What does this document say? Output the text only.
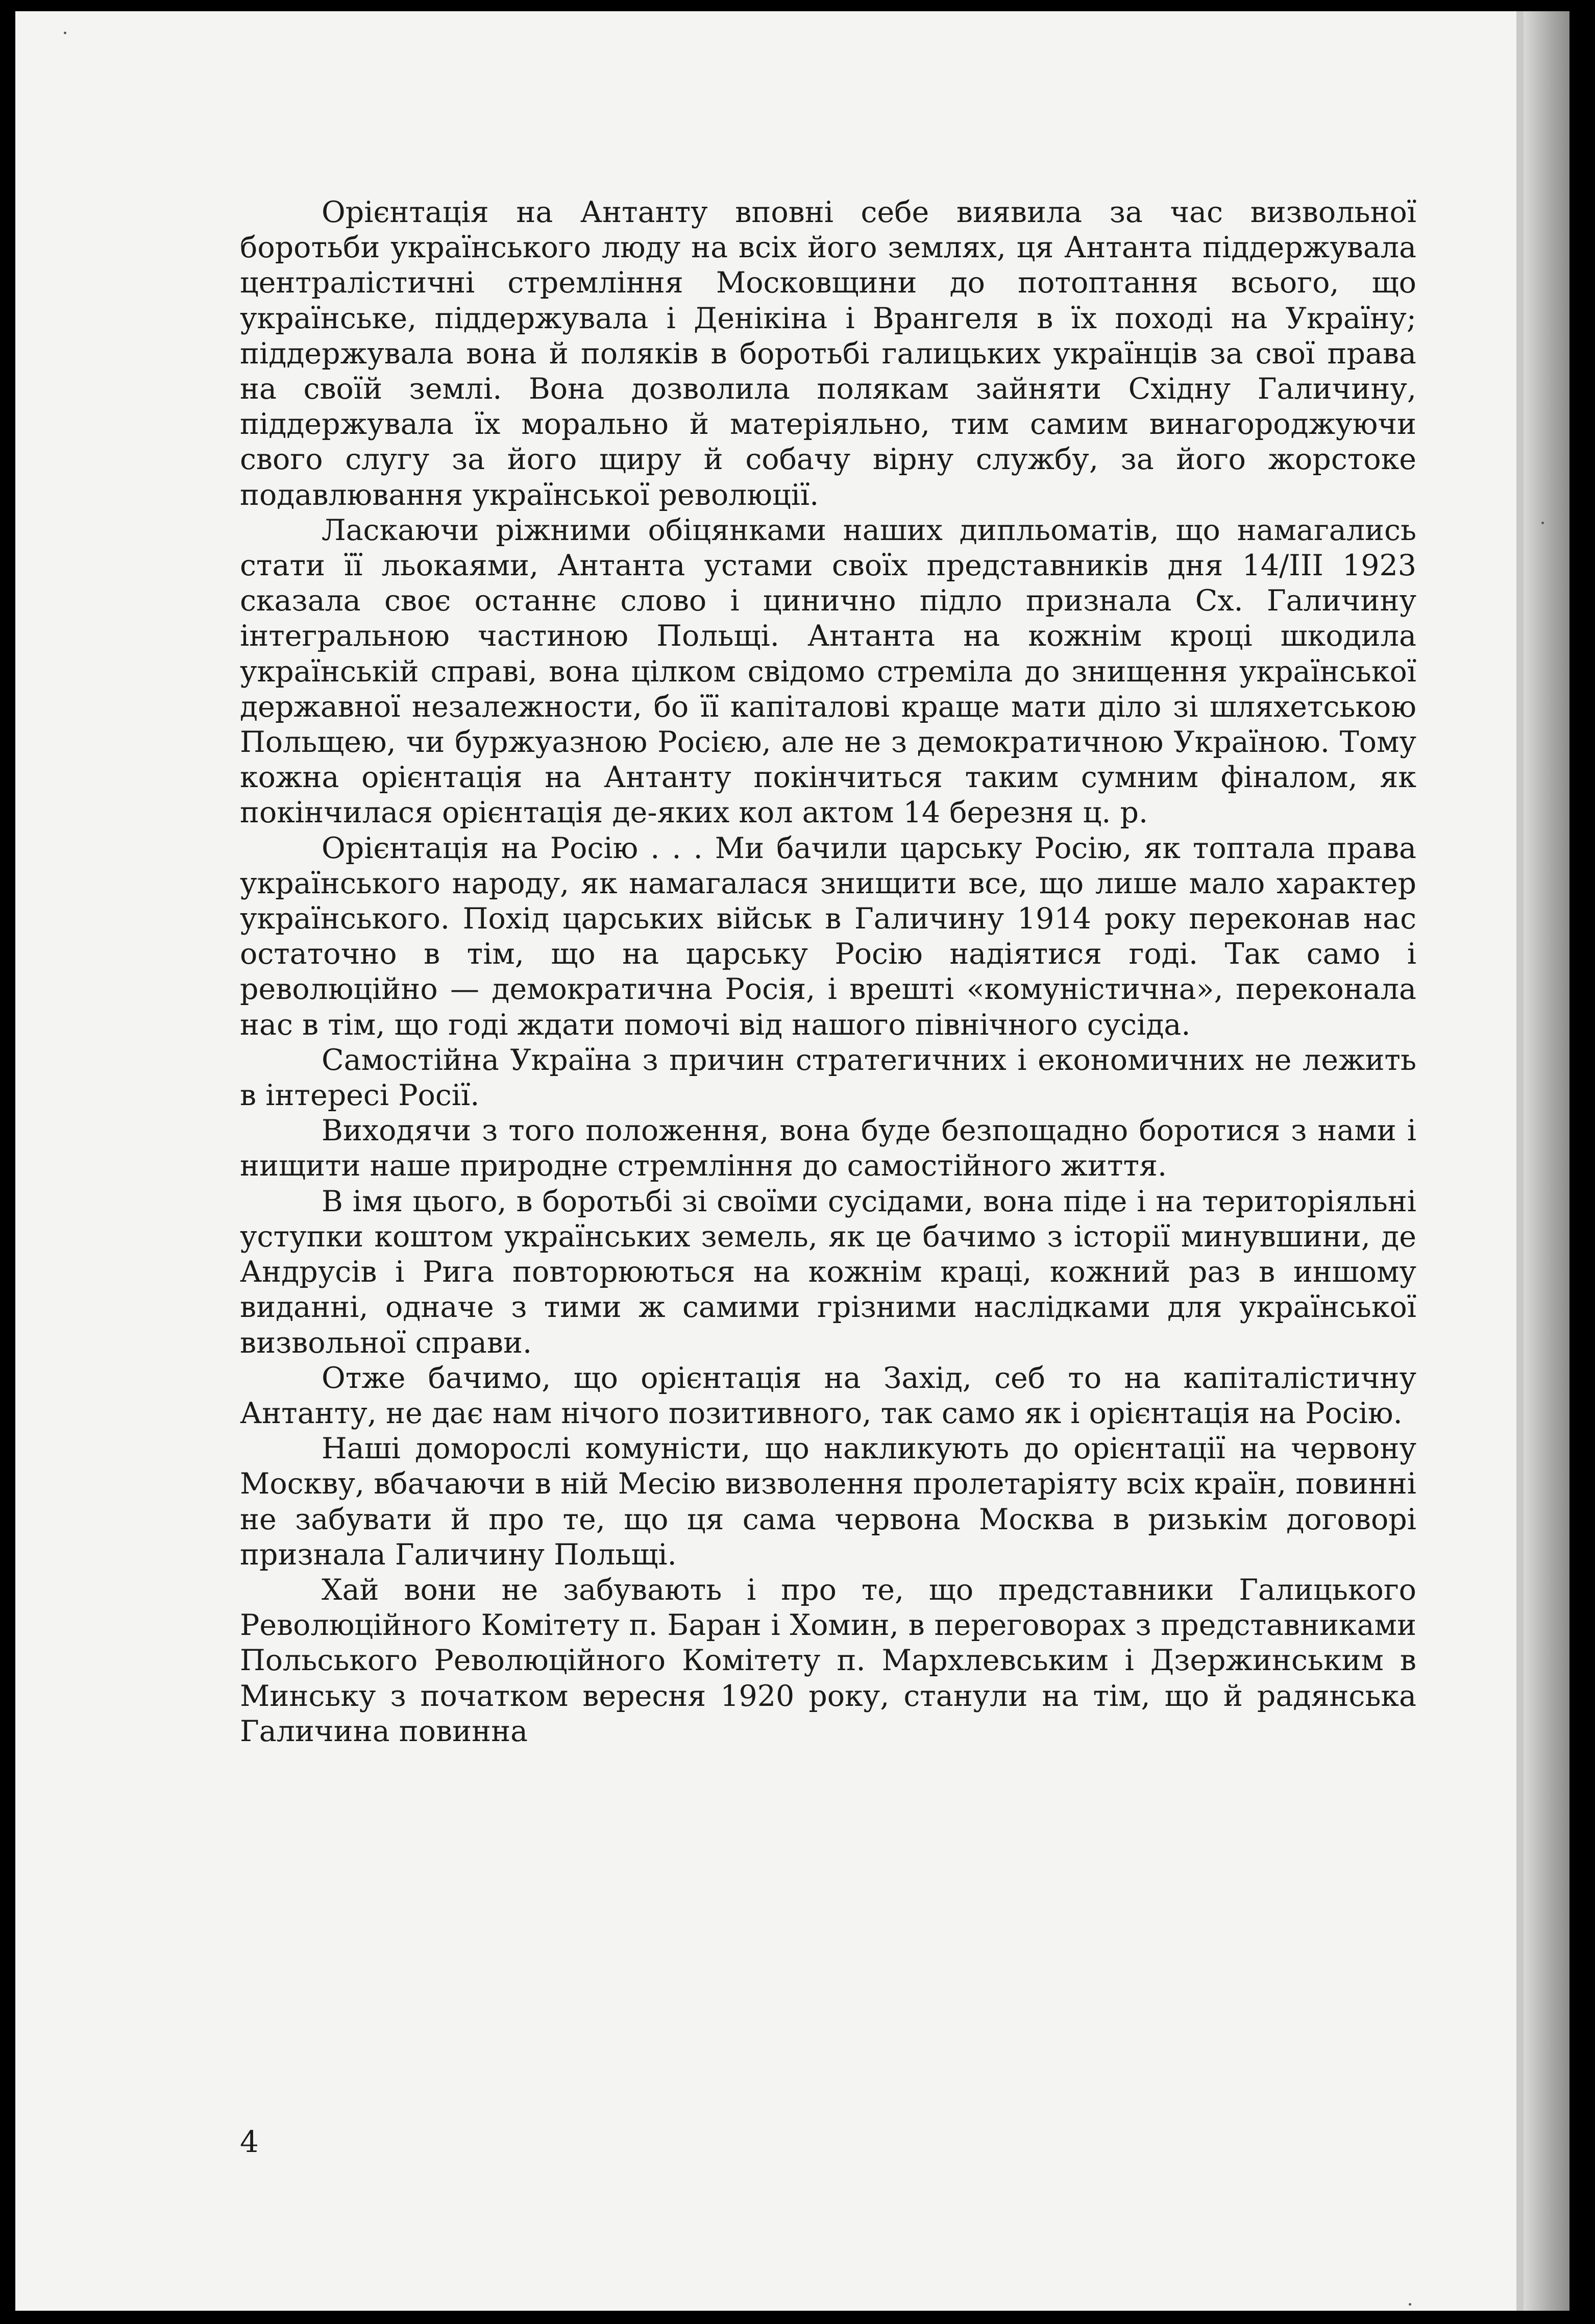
Орієнтація на Антанту вповні себе виявила за час визвольної боротьби українського люду на всіх його землях, ця Антанта піддержувала централістичні стремління Московщини до потоптання всього, що українське, піддержувала і Денікіна і Врангеля в їх поході на Україну; піддержувала вона й поляків в боротьбі галицьких українців за свої права на своїй землі. Вона дозволила полякам зайняти Східну Галичину, піддержувала їх морально й матеріяльно, тим самим винагороджуючи свого слугу за його щиру й собачу вірну службу, за його жорстоке подавлювання української революції.

Ласкаючи ріжними обіцянками наших дипльоматів, що намагались стати її льокаями, Антанта устами своїх представників дня 14/ІІІ 1923 сказала своє останнє слово і цинично підло признала Сх. Галичину інтегральною частиною Польщі. Антанта на кожнім кроці шкодила українській справі, вона цілком свідомо стреміла до знищення української державної незалежности, бо її капіталові краще мати діло зі шляхетською Польщею, чи буржуазною Росією, але не з демократичною Україною. Тому кожна орієнтація на Антанту покінчиться таким сумним фіналом, як покінчилася орієнтація де-яких кол актом 14 березня ц. р.

Орієнтація на Росію . . . Ми бачили царську Росію, як топтала права українського народу, як намагалася знищити все, що лише мало характер українського. Похід царських військ в Галичину 1914 року переконав нас остаточно в тім, що на царську Росію надіятися годі. Так само і революційно — демократична Росія, і врешті «комуністична», переконала нас в тім, що годі ждати помочі від нашого північного сусіда.

Самостійна Україна з причин стратегичних і економичних не лежить в інтересі Росії.

Виходячи з того положення, вона буде безпощадно боротися з нами і нищити наше природне стремління до самостійного життя.

В імя цього, в боротьбі зі своїми сусідами, вона піде і на територіяльні уступки коштом українських земель, як це бачимо з історії минувшини, де Андрусів і Рига повторюються на кожнім краці, кожний раз в иншому виданні, одначе з тими ж самими грізними наслідками для української визвольної справи.

Отже бачимо, що орієнтація на Захід, себ то на капіталістичну Антанту, не дає нам нічого позитивного, так само як і орієнтація на Росію.

Наші доморослі комуністи, що накликують до орієнтації на червону Москву, вбачаючи в ній Месію визволення пролетаріяту всіх країн, повинні не забувати й про те, що ця сама червона Москва в ризькім договорі признала Галичину Польщі.

Хай вони не забувають і про те, що представники Галицького Революційного Комітету п. Баран і Хомин, в переговорах з представниками Польського Революційного Комітету п. Мархлевським і Дзержинським в Минську з початком вересня 1920 року, станули на тім, що й радянська Галичина повинна

4
